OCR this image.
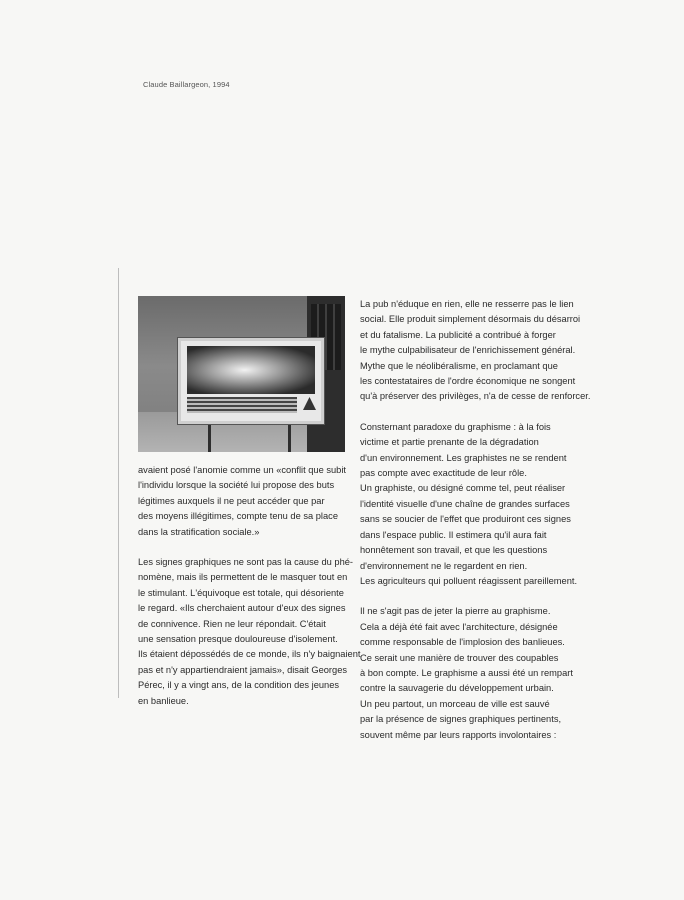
Claude Baillargeon, 1994

avaient posé l'anomie comme un «conflit que subit
l'individu lorsque la société lui propose des buts
légitimes auxquels il ne peut accéder que par
des moyens illégitimes, compte tenu de sa place
dans la stratification sociale.»

Les signes graphiques ne sont pas la cause du phé-
nomène, mais ils permettent de le masquer tout en
le stimulant. L'équivoque est totale, qui désoriente
le regard. «Ils cherchaient autour d'eux des signes
de connivence. Rien ne leur répondait. C'était
une sensation presque douloureuse d'isolement.
Ils étaient dépossédés de ce monde, ils n'y baignaient
pas et n'y appartiendraient jamais», disait Georges
Pérec, il y a vingt ans, de la condition des jeunes
en banlieue.

La pub n'éduque en rien, elle ne resserre pas le lien
social. Elle produit simplement désormais du désarroi
et du fatalisme. La publicité a contribué à forger
le mythe culpabilisateur de l'enrichissement général.
Mythe que le néolibéralisme, en proclamant que
les contestataires de l'ordre économique ne songent
qu'à préserver des privilèges, n'a de cesse de renforcer.

Consternant paradoxe du graphisme : à la fois
victime et partie prenante de la dégradation
d'un environnement. Les graphistes ne se rendent
pas compte avec exactitude de leur rôle.
Un graphiste, ou désigné comme tel, peut réaliser
l'identité visuelle d'une chaîne de grandes surfaces
sans se soucier de l'effet que produiront ces signes
dans l'espace public. Il estimera qu'il aura fait
honnêtement son travail, et que les questions
d'environnement ne le regardent en rien.
Les agriculteurs qui polluent réagissent pareillement.

Il ne s'agit pas de jeter la pierre au graphisme.
Cela a déjà été fait avec l'architecture, désignée
comme responsable de l'implosion des banlieues.
Ce serait une manière de trouver des coupables
à bon compte. Le graphisme a aussi été un rempart
contre la sauvagerie du développement urbain.
Un peu partout, un morceau de ville est sauvé
par la présence de signes graphiques pertinents,
souvent même par leurs rapports involontaires :
